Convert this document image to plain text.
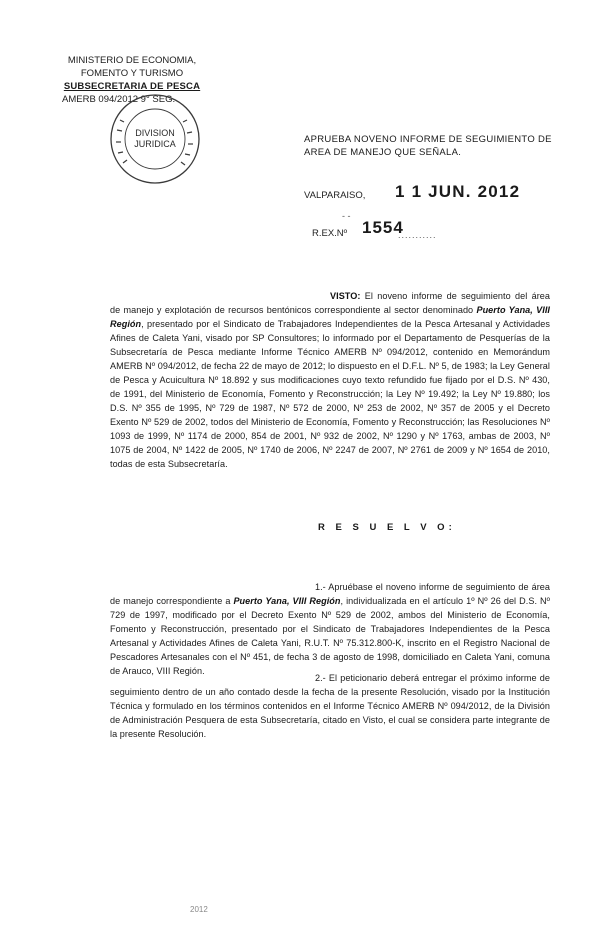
MINISTERIO DE ECONOMIA,
FOMENTO Y TURISMO
SUBSECRETARIA DE PESCA
AMERB 094/2012 9° SEG.
DIVISION
JURIDICA	APRUEBA NOVENO INFORME DE SEGUIMIENTO DE
AREA DE MANEJO QUE SEÑALA.
VALPARAISO, 1 1 JUN. 2012
- -
R.EX.Nº 1554
...........

VISTO: El noveno informe de seguimiento del área de manejo y explotación de recursos bentónicos correspondiente al sector denominado Puerto Yana, VIII Región, presentado por el Sindicato de Trabajadores Independientes de la Pesca Artesanal y Actividades Afines de Caleta Yani, visado por SP Consultores; lo informado por el Departamento de Pesquerías de la Subsecretaría de Pesca mediante Informe Técnico AMERB Nº 094/2012, contenido en Memorándum AMERB Nº 094/2012, de fecha 22 de mayo de 2012; lo dispuesto en el D.F.L. Nº 5, de 1983; la Ley General de Pesca y Acuicultura Nº 18.892 y sus modificaciones cuyo texto refundido fue fijado por el D.S. Nº 430, de 1991, del Ministerio de Economía, Fomento y Reconstrucción; la Ley Nº 19.492; la Ley Nº 19.880; los D.S. Nº 355 de 1995, Nº 729 de 1987, Nº 572 de 2000, Nº 253 de 2002, Nº 357 de 2005 y el Decreto Exento Nº 529 de 2002, todos del Ministerio de Economía, Fomento y Reconstrucción; las Resoluciones Nº 1093 de 1999, Nº 1174 de 2000, 854 de 2001, Nº 932 de 2002, Nº 1290 y Nº 1763, ambas de 2003, Nº 1075 de 2004, Nº 1422 de 2005, Nº 1740 de 2006, Nº 2247 de 2007, Nº 2761 de 2009 y Nº 1654 de 2010, todas de esta Subsecretaría.

R E S U E L V O:

1.- Apruébase el noveno informe de seguimiento de área de manejo correspondiente a Puerto Yana, VIII Región, individualizada en el artículo 1º Nº 26 del D.S. Nº 729 de 1997, modificado por el Decreto Exento Nº 529 de 2002, ambos del Ministerio de Economía, Fomento y Reconstrucción, presentado por el Sindicato de Trabajadores Independientes de la Pesca Artesanal y Actividades Afines de Caleta Yani, R.U.T. Nº 75.312.800-K, inscrito en el Registro Nacional de Pescadores Artesanales con el Nº 451, de fecha 3 de agosto de 1998, domiciliado en Caleta Yani, comuna de Arauco, VIII Región.

2.- El peticionario deberá entregar el próximo informe de seguimiento dentro de un año contado desde la fecha de la presente Resolución, visado por la Institución Técnica y formulado en los términos contenidos en el Informe Técnico AMERB Nº 094/2012, de la División de Administración Pesquera de esta Subsecretaría, citado en Visto, el cual se considera parte integrante de la presente Resolución.

2012
